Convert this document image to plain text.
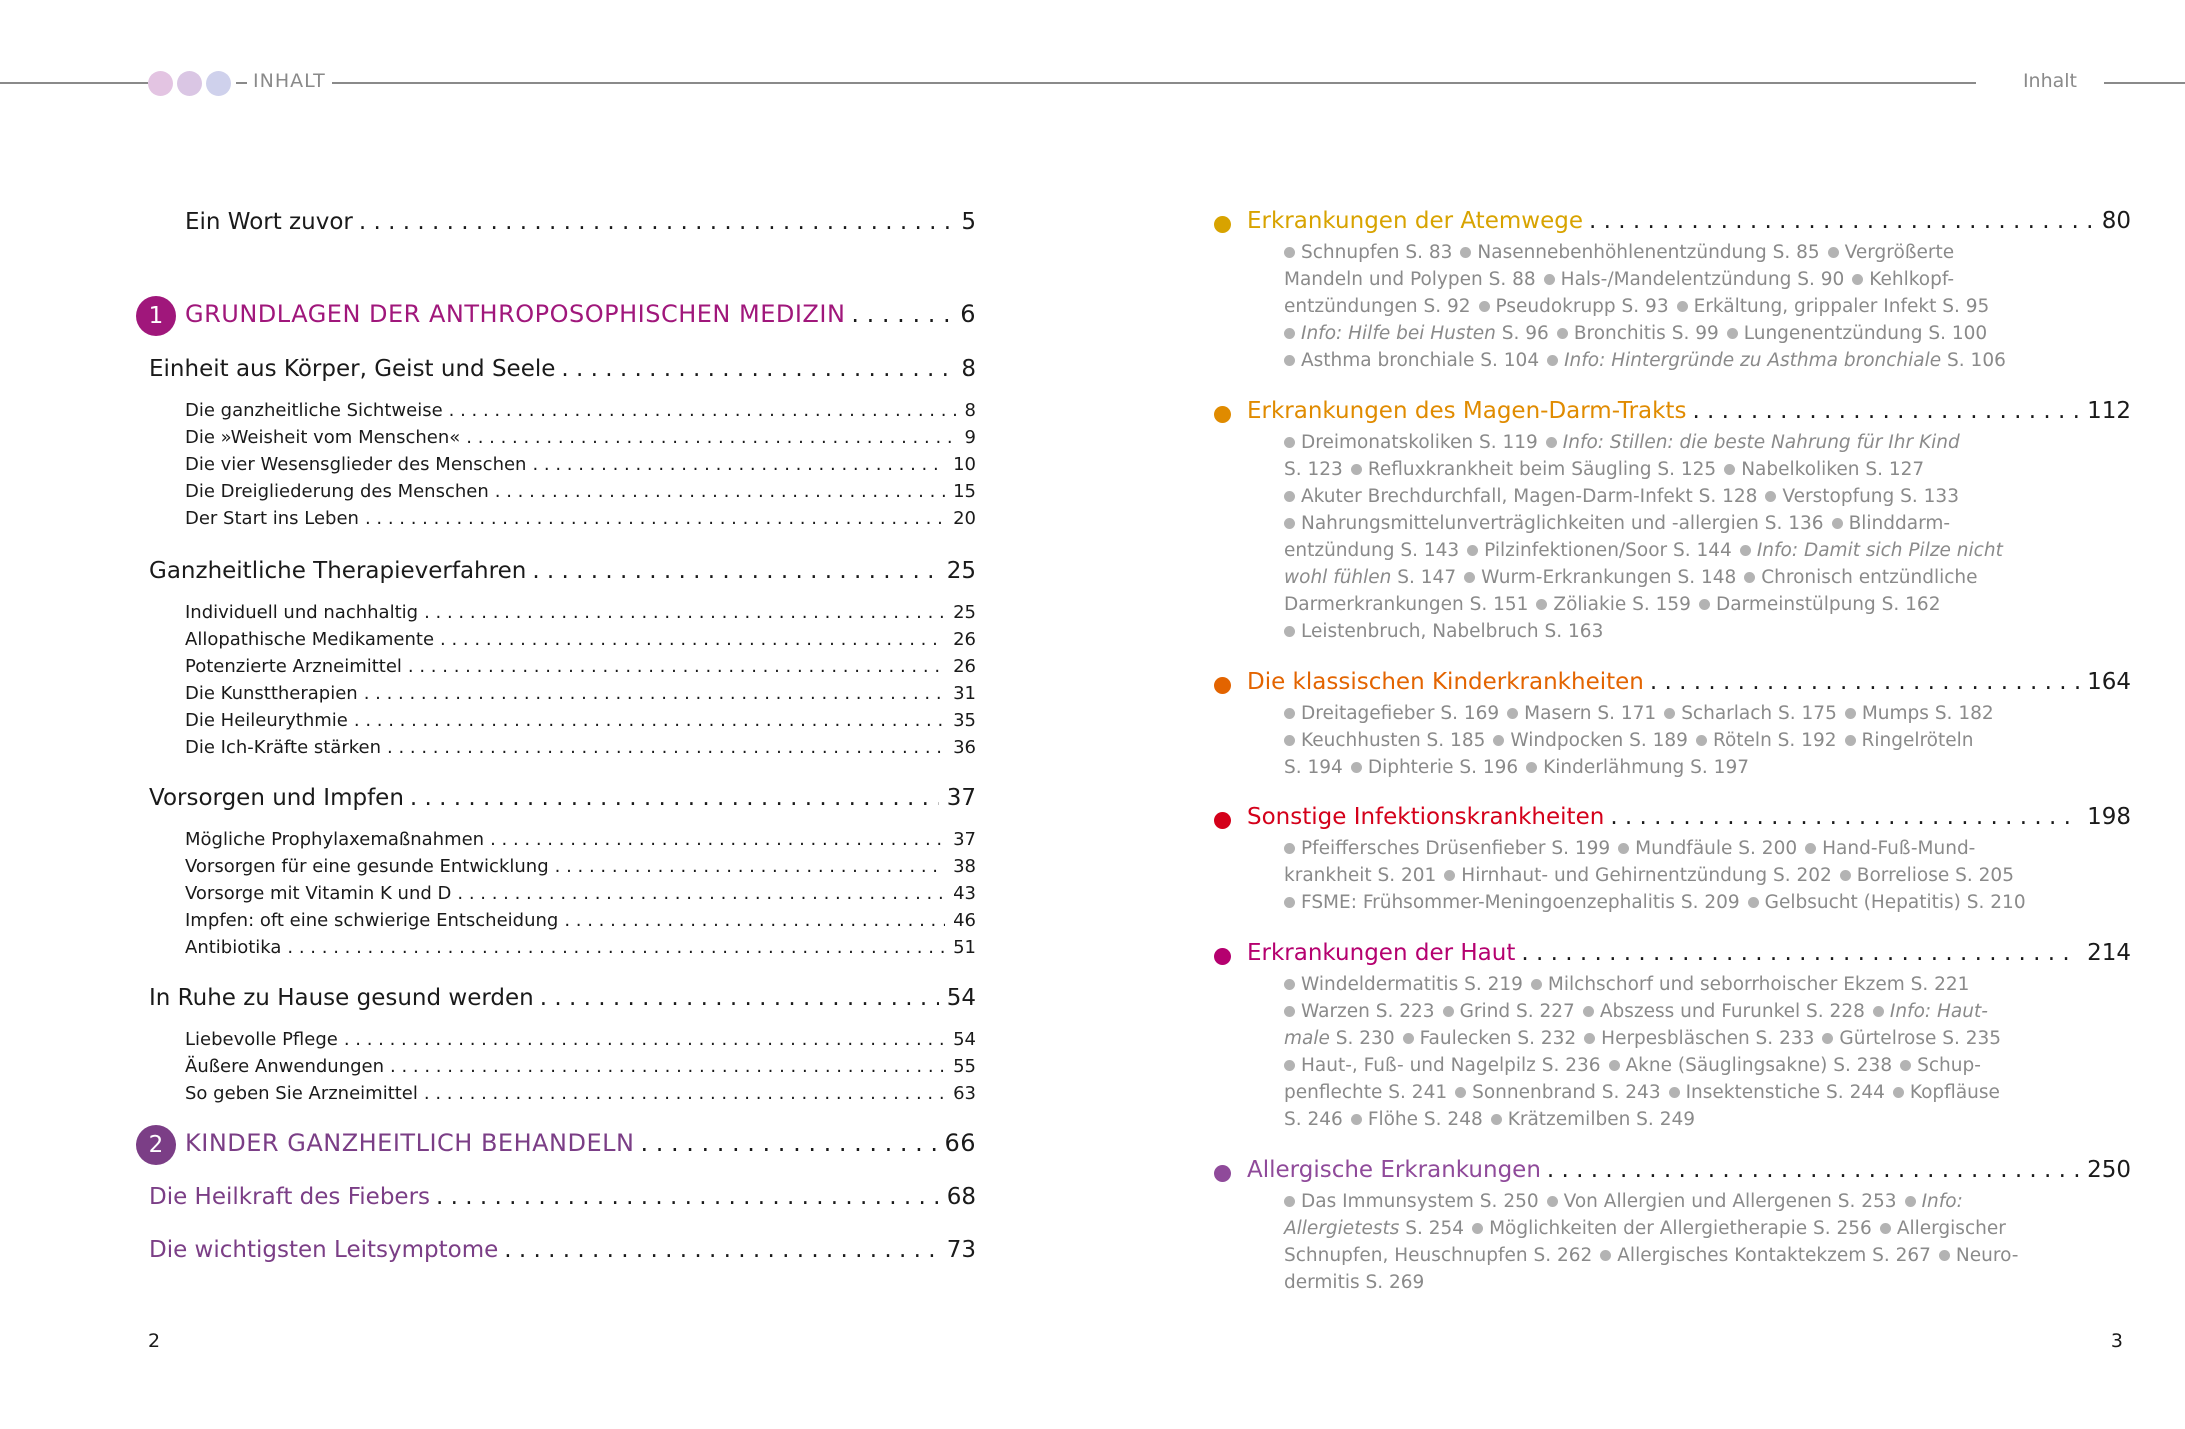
INHALT
Ein Wort zuvor . . .	5
1 GRUNDLAGEN DER ANTHROPOSOPHISCHEN MEDIZIN . . .	6
Einheit aus Körper, Geist und Seele . . .	8
Die ganzheitliche Sichtweise . . .	8
Die »Weisheit vom Menschen« . . .	9
Die vier Wesensglieder des Menschen . . .	10
Die Dreigliederung des Menschen . . .	15
Der Start ins Leben . . .	20
Ganzheitliche Therapieverfahren . . .	25
Individuell und nachhaltig . . .	25
Allopathische Medikamente . . .	26
Potenzierte Arzneimittel . . .	26
Die Kunsttherapien . . .	31
Die Heileurythmie . . .	35
Die Ich-Kräfte stärken . . .	36
Vorsorgen und Impfen . . .	37
Mögliche Prophylaxemaßnahmen . . .	37
Vorsorgen für eine gesunde Entwicklung . . .	38
Vorsorge mit Vitamin K und D . . .	43
Impfen: oft eine schwierige Entscheidung . . .	46
Antibiotika . . .	51
In Ruhe zu Hause gesund werden . . .	54
Liebevolle Pflege . . .	54
Äußere Anwendungen . . .	55
So geben Sie Arzneimittel . . .	63
2 KINDER GANZHEITLICH BEHANDELN . . .	66
Die Heilkraft des Fiebers . . .	68
Die wichtigsten Leitsymptome . . .	73
2
Inhalt
Erkrankungen der Atemwege . . .	80
Schnupfen S. 83 Nasennebenhöhlenentzündung S. 85 Vergrößerte
Mandeln und Polypen S. 88 Hals-/Mandelentzündung S. 90 Kehlkopf-
entzündungen S. 92 Pseudokrupp S. 93 Erkältung, grippaler Infekt S. 95
Info: Hilfe bei Husten S. 96 Bronchitis S. 99 Lungenentzündung S. 100
Asthma bronchiale S. 104 Info: Hintergründe zu Asthma bronchiale S. 106
Erkrankungen des Magen-Darm-Trakts . . .	112
Dreimonatskoliken S. 119 Info: Stillen: die beste Nahrung für Ihr Kind
S. 123 Refluxkrankheit beim Säugling S. 125 Nabelkoliken S. 127
Akuter Brechdurchfall, Magen-Darm-Infekt S. 128 Verstopfung S. 133
Nahrungsmittelunverträglichkeiten und -allergien S. 136 Blinddarm-
entzündung S. 143 Pilzinfektionen/Soor S. 144 Info: Damit sich Pilze nicht
wohl fühlen S. 147 Wurm-Erkrankungen S. 148 Chronisch entzündliche
Darmerkrankungen S. 151 Zöliakie S. 159 Darmeinstülpung S. 162
Leistenbruch, Nabelbruch S. 163
Die klassischen Kinderkrankheiten . . .	164
Dreitagefieber S. 169 Masern S. 171 Scharlach S. 175 Mumps S. 182
Keuchhusten S. 185 Windpocken S. 189 Röteln S. 192 Ringelröteln
S. 194 Diphterie S. 196 Kinderlähmung S. 197
Sonstige Infektionskrankheiten . . .	198
Pfeiffersches Drüsenfieber S. 199 Mundfäule S. 200 Hand-Fuß-Mund-
krankheit S. 201 Hirnhaut- und Gehirnentzündung S. 202 Borreliose S. 205
FSME: Frühsommer-Meningoenzephalitis S. 209 Gelbsucht (Hepatitis) S. 210
Erkrankungen der Haut . . .	214
Windeldermatitis S. 219 Milchschorf und seborrhoischer Ekzem S. 221
Warzen S. 223 Grind S. 227 Abszess und Furunkel S. 228 Info: Haut-
male S. 230 Faulecken S. 232 Herpesbläschen S. 233 Gürtelrose S. 235
Haut-, Fuß- und Nagelpilz S. 236 Akne (Säuglingsakne) S. 238 Schup-
penflechte S. 241 Sonnenbrand S. 243 Insektenstiche S. 244 Kopfläuse
S. 246 Flöhe S. 248 Krätzemilben S. 249
Allergische Erkrankungen . . .	250
Das Immunsystem S. 250 Von Allergien und Allergenen S. 253 Info:
Allergietests S. 254 Möglichkeiten der Allergietherapie S. 256 Allergischer
Schnupfen, Heuschnupfen S. 262 Allergisches Kontaktekzem S. 267 Neuro-
dermitis S. 269
3
